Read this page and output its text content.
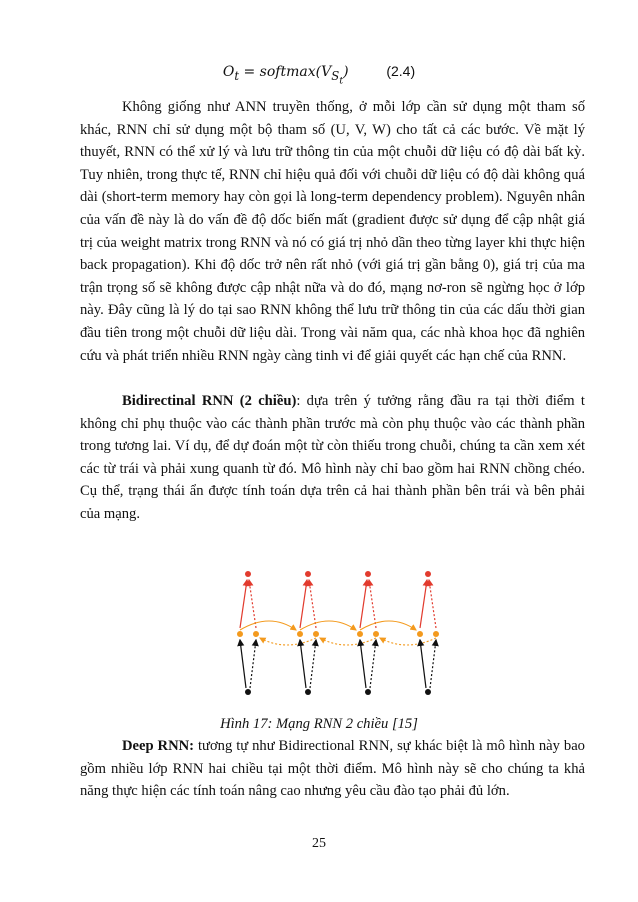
$O_t$ = $softmax(V_{S_t})$	(2.4)

Không giống như ANN truyền thống, ở mỗi lớp cần sử dụng một tham số khác, RNN chỉ sử dụng một bộ tham số (U, V, W) cho tất cả các bước. Về mặt lý thuyết, RNN có thể xử lý và lưu trữ thông tin của một chuỗi dữ liệu có độ dài bất kỳ. Tuy nhiên, trong thực tế, RNN chỉ hiệu quả đối với chuỗi dữ liệu có độ dài không quá dài (short-term memory hay còn gọi là long-term dependency problem). Nguyên nhân của vấn đề này là do vấn đề độ dốc biến mất (gradient được sử dụng để cập nhật giá trị của weight matrix trong RNN và nó có giá trị nhỏ dần theo từng layer khi thực hiện back propagation). Khi độ dốc trở nên rất nhỏ (với giá trị gần bằng 0), giá trị của ma trận trọng số sẽ không được cập nhật nữa và do đó, mạng nơ-ron sẽ ngừng học ở lớp này. Đây cũng là lý do tại sao RNN không thể lưu trữ thông tin của các dấu thời gian đầu tiên trong một chuỗi dữ liệu dài. Trong vài năm qua, các nhà khoa học đã nghiên cứu và phát triển nhiều RNN ngày càng tinh vi để giải quyết các hạn chế của RNN.

Bidirectinal RNN (2 chiều): dựa trên ý tưởng rằng đầu ra tại thời điểm t không chỉ phụ thuộc vào các thành phần trước mà còn phụ thuộc vào các thành phần trong tương lai. Ví dụ, để dự đoán một từ còn thiếu trong chuỗi, chúng ta cần xem xét các từ trái và phải xung quanh từ đó. Mô hình này chỉ bao gồm hai RNN chồng chéo. Cụ thể, trạng thái ẩn được tính toán dựa trên cả hai thành phần bên trái và bên phải của mạng.

Hình 17: Mạng RNN 2 chiều [15]

Deep RNN: tương tự như Bidirectional RNN, sự khác biệt là mô hình này bao gồm nhiều lớp RNN hai chiều tại một thời điểm. Mô hình này sẽ cho chúng ta khả năng thực hiện các tính toán nâng cao nhưng yêu cầu đào tạo phải đủ lớn.

25
